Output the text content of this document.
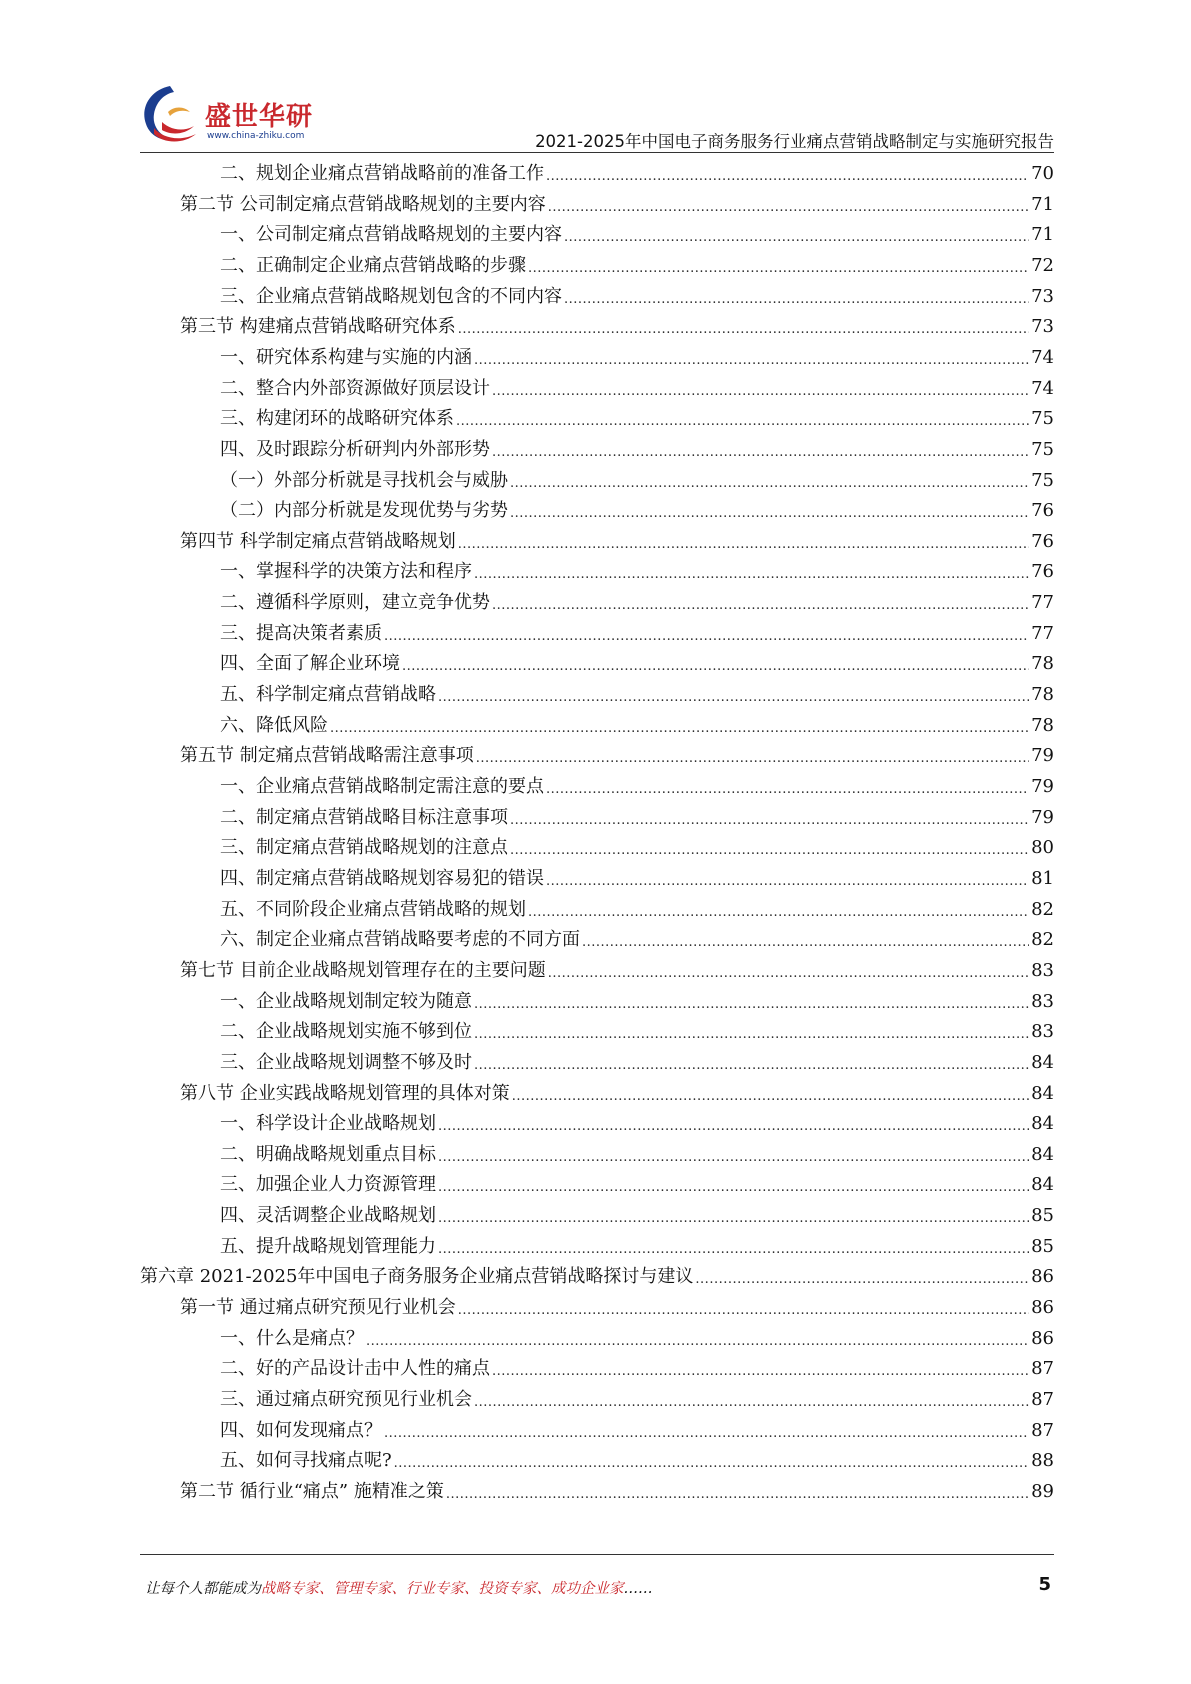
盛世华研
www.china-zhiku.com	2021-2025年中国电子商务服务行业痛点营销战略制定与实施研究报告
二、规划企业痛点营销战略前的准备工作 .....	70
第二节 公司制定痛点营销战略规划的主要内容 .....	71
一、公司制定痛点营销战略规划的主要内容 .....	71
二、正确制定企业痛点营销战略的步骤 .....	72
三、企业痛点营销战略规划包含的不同内容 .....	73
第三节 构建痛点营销战略研究体系 .....	73
一、研究体系构建与实施的内涵 .....	74
二、整合内外部资源做好顶层设计 .....	74
三、构建闭环的战略研究体系 .....	75
四、及时跟踪分析研判内外部形势 .....	75
（一）外部分析就是寻找机会与威胁 .....	75
（二）内部分析就是发现优势与劣势 .....	76
第四节 科学制定痛点营销战略规划 .....	76
一、掌握科学的决策方法和程序 .....	76
二、遵循科学原则，建立竞争优势 .....	77
三、提高决策者素质 .....	77
四、全面了解企业环境 .....	78
五、科学制定痛点营销战略 .....	78
六、降低风险 .....	78
第五节 制定痛点营销战略需注意事项 .....	79
一、企业痛点营销战略制定需注意的要点 .....	79
二、制定痛点营销战略目标注意事项 .....	79
三、制定痛点营销战略规划的注意点 .....	80
四、制定痛点营销战略规划容易犯的错误 .....	81
五、不同阶段企业痛点营销战略的规划 .....	82
六、制定企业痛点营销战略要考虑的不同方面 .....	82
第七节 目前企业战略规划管理存在的主要问题 .....	83
一、企业战略规划制定较为随意 .....	83
二、企业战略规划实施不够到位 .....	83
三、企业战略规划调整不够及时 .....	84
第八节 企业实践战略规划管理的具体对策 .....	84
一、科学设计企业战略规划 .....	84
二、明确战略规划重点目标 .....	84
三、加强企业人力资源管理 .....	84
四、灵活调整企业战略规划 .....	85
五、提升战略规划管理能力 .....	85
第六章 2021-2025年中国电子商务服务企业痛点营销战略探讨与建议 .....	86
第一节 通过痛点研究预见行业机会 .....	86
一、什么是痛点？ .....	86
二、好的产品设计击中人性的痛点 .....	87
三、通过痛点研究预见行业机会 .....	87
四、如何发现痛点？ .....	87
五、如何寻找痛点呢? .....	88
第二节 循行业“痛点” 施精准之策 .....	89
让每个人都能成为战略专家、管理专家、行业专家、投资专家、成功企业家……	5
